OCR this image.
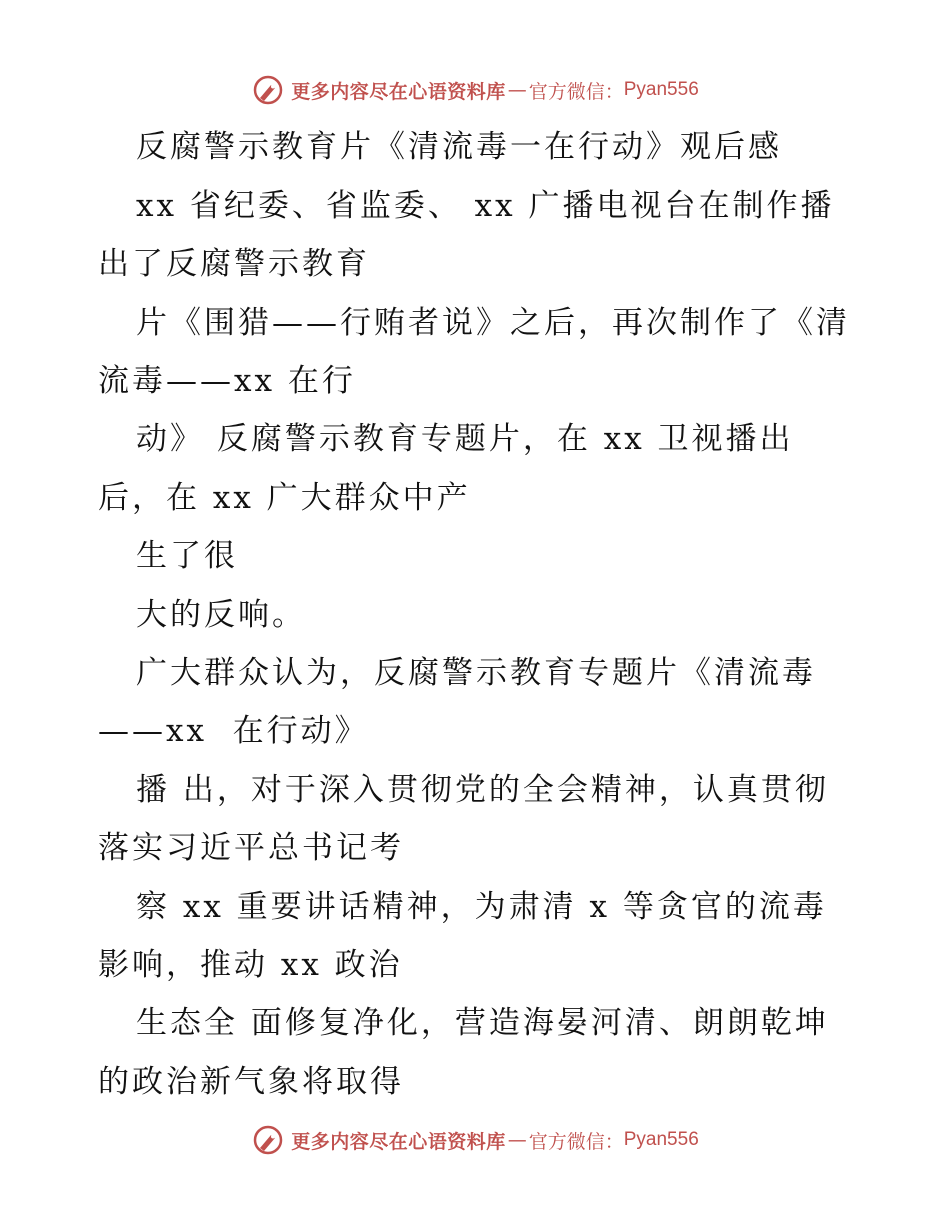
更多内容尽在心语资料库 — 官方微信： Pyan556
反腐警示教育片《清流毒一在行动》观后感
xx 省纪委、省监委、 xx 广播电视台在制作播
出了反腐警示教育
片《围猎——行贿者说》之后，再次制作了《清
流毒——xx 在行
动》 反腐警示教育专题片，在 xx 卫视播出
后，在 xx 广大群众中产
生了很
大的反响。
广大群众认为，反腐警示教育专题片《清流毒
——xx  在行动》
播 出，对于深入贯彻党的全会精神，认真贯彻
落实习近平总书记考
察 xx 重要讲话精神，为肃清 x 等贪官的流毒
影响，推动 xx 政治
生态全 面修复净化，营造海晏河清、朗朗乾坤
的政治新气象将取得
更多内容尽在心语资料库 — 官方微信： Pyan556
